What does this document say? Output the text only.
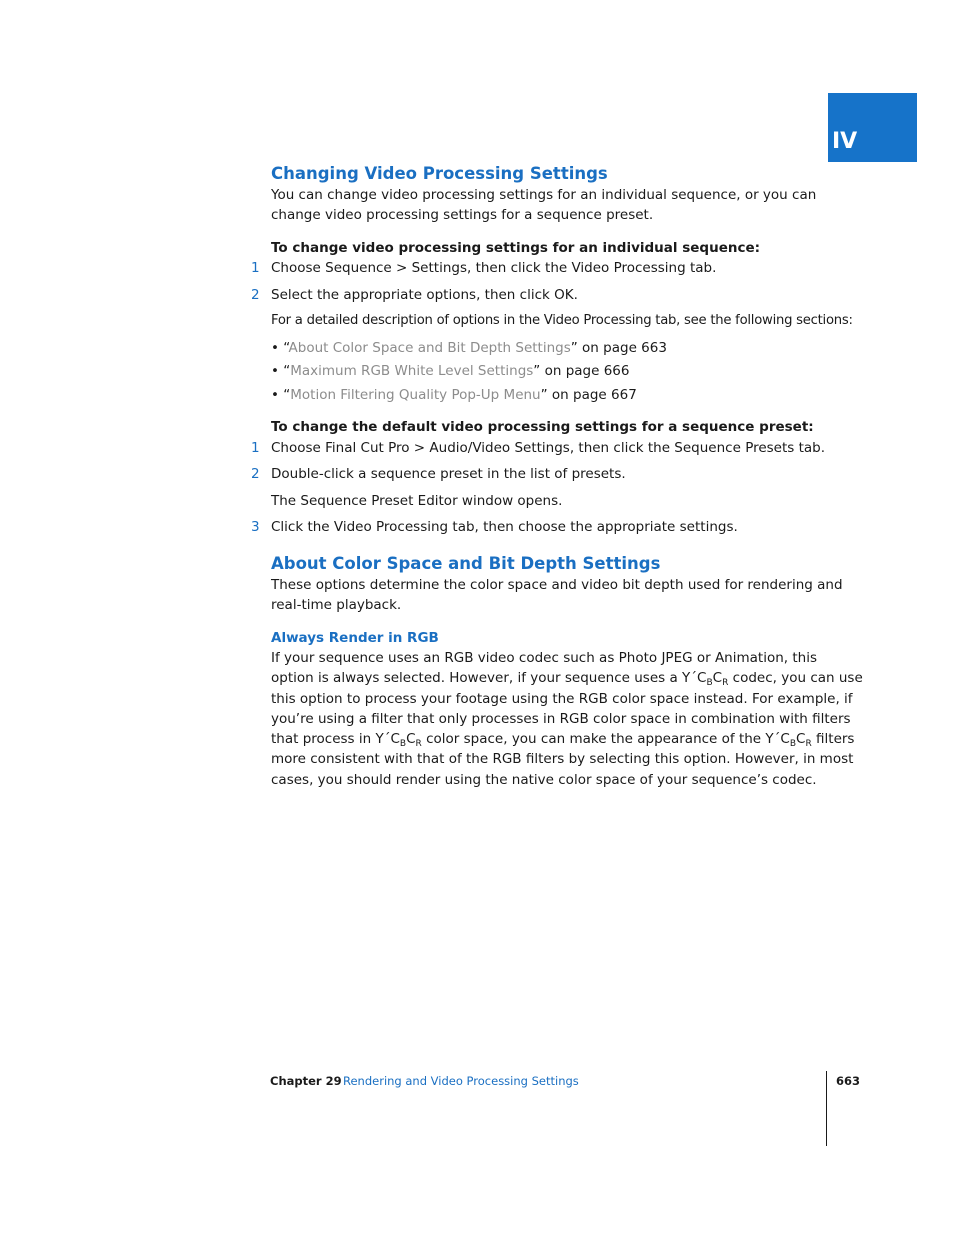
IV
Changing Video Processing Settings

You can change video processing settings for an individual sequence, or you can

change video processing settings for a sequence preset.

To change video processing settings for an individual sequence:

1 Choose Sequence > Settings, then click the Video Processing tab.

2 Select the appropriate options, then click OK.

For a detailed description of options in the Video Processing tab, see the following sections:

• “About Color Space and Bit Depth Settings” on page 663

• “Maximum RGB White Level Settings” on page 666

• “Motion Filtering Quality Pop-Up Menu” on page 667

To change the default video processing settings for a sequence preset:

1 Choose Final Cut Pro > Audio/Video Settings, then click the Sequence Presets tab.

2 Double-click a sequence preset in the list of presets.

The Sequence Preset Editor window opens.

3 Click the Video Processing tab, then choose the appropriate settings.

About Color Space and Bit Depth Settings

These options determine the color space and video bit depth used for rendering and

real-time playback.

Always Render in RGB

If your sequence uses an RGB video codec such as Photo JPEG or Animation, this

option is always selected. However, if your sequence uses a $Y´C_BC_R$ codec, you can use

this option to process your footage using the RGB color space instead. For example, if

you’re using a filter that only processes in RGB color space in combination with filters

that process in $Y´C_BC_R$ color space, you can make the appearance of the $Y´C_BC_R$ filters

more consistent with that of the RGB filters by selecting this option. However, in most

cases, you should render using the native color space of your sequence’s codec.

Chapter 29 Rendering and Video Processing Settings	663
